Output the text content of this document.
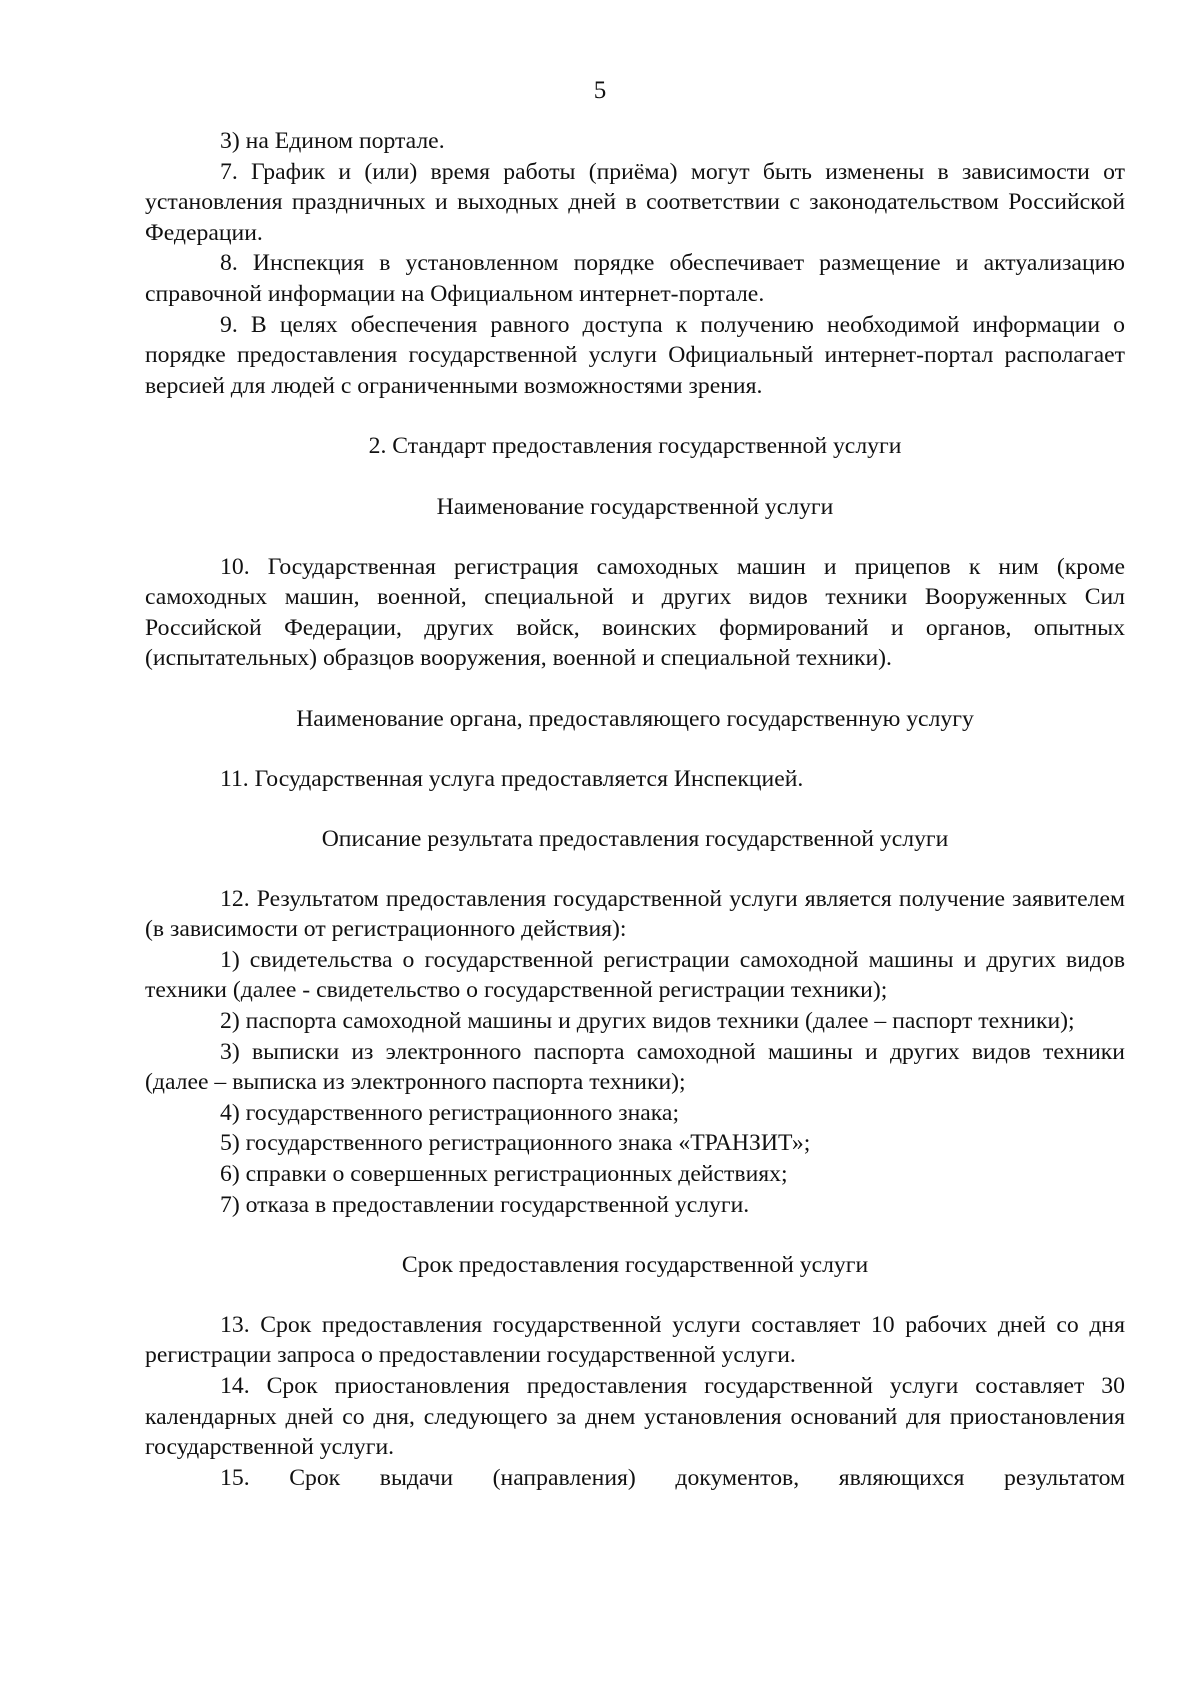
5

3) на Едином портале.

7. График и (или) время работы (приёма) могут быть изменены в зависимости от установления праздничных и выходных дней в соответствии с законодательством Российской Федерации.

8. Инспекция в установленном порядке обеспечивает размещение и актуализацию справочной информации на Официальном интернет-портале.

9. В целях обеспечения равного доступа к получению необходимой информации о порядке предоставления государственной услуги Официальный интернет-портал располагает версией для людей с ограниченными возможностями зрения.

2. Стандарт предоставления государственной услуги

Наименование государственной услуги

10. Государственная регистрация самоходных машин и прицепов к ним (кроме самоходных машин, военной, специальной и других видов техники Вооруженных Сил Российской Федерации, других войск, воинских формирований и органов, опытных (испытательных) образцов вооружения, военной и специальной техники).

Наименование органа, предоставляющего государственную услугу

11. Государственная услуга предоставляется Инспекцией.

Описание результата предоставления государственной услуги

12. Результатом предоставления государственной услуги является получение заявителем (в зависимости от регистрационного действия):

1) свидетельства о государственной регистрации самоходной машины и других видов техники (далее - свидетельство о государственной регистрации техники);

2) паспорта самоходной машины и других видов техники (далее – паспорт техники);

3) выписки из электронного паспорта самоходной машины и других видов техники (далее – выписка из электронного паспорта техники);

4) государственного регистрационного знака;

5) государственного регистрационного знака «ТРАНЗИТ»;

6) справки о совершенных регистрационных действиях;

7) отказа в предоставлении государственной услуги.

Срок предоставления государственной услуги

13. Срок предоставления государственной услуги составляет 10 рабочих дней со дня регистрации запроса о предоставлении государственной услуги.

14. Срок приостановления предоставления государственной услуги составляет 30 календарных дней со дня, следующего за днем установления оснований для приостановления государственной услуги.

15. Срок выдачи (направления) документов, являющихся результатом
